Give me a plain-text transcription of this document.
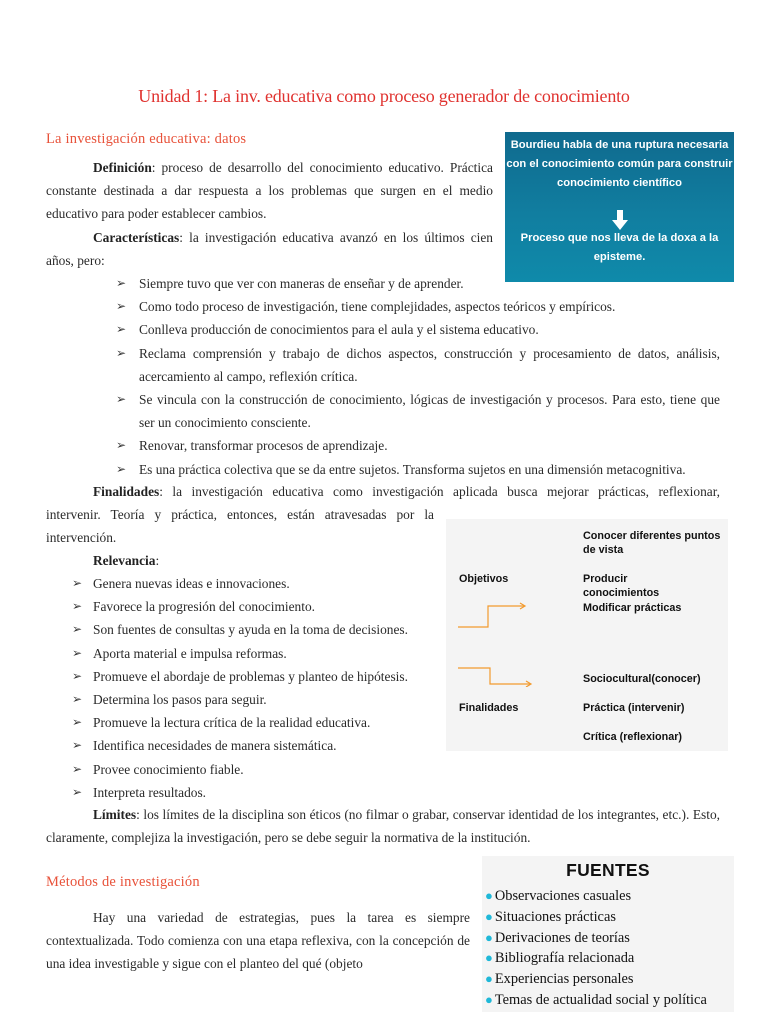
Unidad 1: La inv. educativa como proceso generador de conocimiento
La investigación educativa: datos
Definición: proceso de desarrollo del conocimiento educativo. Práctica constante destinada a dar respuesta a los problemas que surgen en el medio educativo para poder establecer cambios.
Características: la investigación educativa avanzó en los últimos cien años, pero:
➢ Siempre tuvo que ver con maneras de enseñar y de aprender.
➢ Como todo proceso de investigación, tiene complejidades, aspectos teóricos y empíricos.
➢ Conlleva producción de conocimientos para el aula y el sistema educativo.
➢ Reclama comprensión y trabajo de dichos aspectos, construcción y procesamiento de datos, análisis, acercamiento al campo, reflexión crítica.
➢ Se vincula con la construcción de conocimiento, lógicas de investigación y procesos. Para esto, tiene que ser un conocimiento consciente.
➢ Renovar, transformar procesos de aprendizaje.
➢ Es una práctica colectiva que se da entre sujetos. Transforma sujetos en una dimensión metacognitiva.
Finalidades: la investigación educativa como investigación aplicada busca mejorar prácticas, reflexionar,
intervenir. Teoría y práctica, entonces, están atravesadas por la
intervención.
Relevancia:
➢ Genera nuevas ideas e innovaciones.
➢ Favorece la progresión del conocimiento.
➢ Son fuentes de consultas y ayuda en la toma de decisiones.
➢ Aporta material e impulsa reformas.
➢ Promueve el abordaje de problemas y planteo de hipótesis.
➢ Determina los pasos para seguir.
➢ Promueve la lectura crítica de la realidad educativa.
➢ Identifica necesidades de manera sistemática.
➢ Provee conocimiento fiable.
➢ Interpreta resultados.
Límites: los límites de la disciplina son éticos (no filmar o grabar, conservar identidad de los integrantes, etc.). Esto, claramente, complejiza la investigación, pero se debe seguir la normativa de la institución.
Métodos de investigación
Hay una variedad de estrategias, pues la tarea es siempre contextualizada. Todo comienza con una etapa reflexiva, con la concepción de una idea investigable y sigue con el planteo del qué (objeto
Bourdieu habla de una ruptura necesaria con el conocimiento común para construir conocimiento científico
Proceso que nos lleva de la doxa a la episteme.
Conocer diferentes puntos de vista
Objetivos	Producir conocimientos
Modificar prácticas
Sociocultural(conocer)
Finalidades	Práctica (intervenir)
Crítica (reflexionar)
FUENTES
● Observaciones casuales
● Situaciones prácticas
● Derivaciones de teorías
● Bibliografía relacionada
● Experiencias personales
● Temas de actualidad social y política
